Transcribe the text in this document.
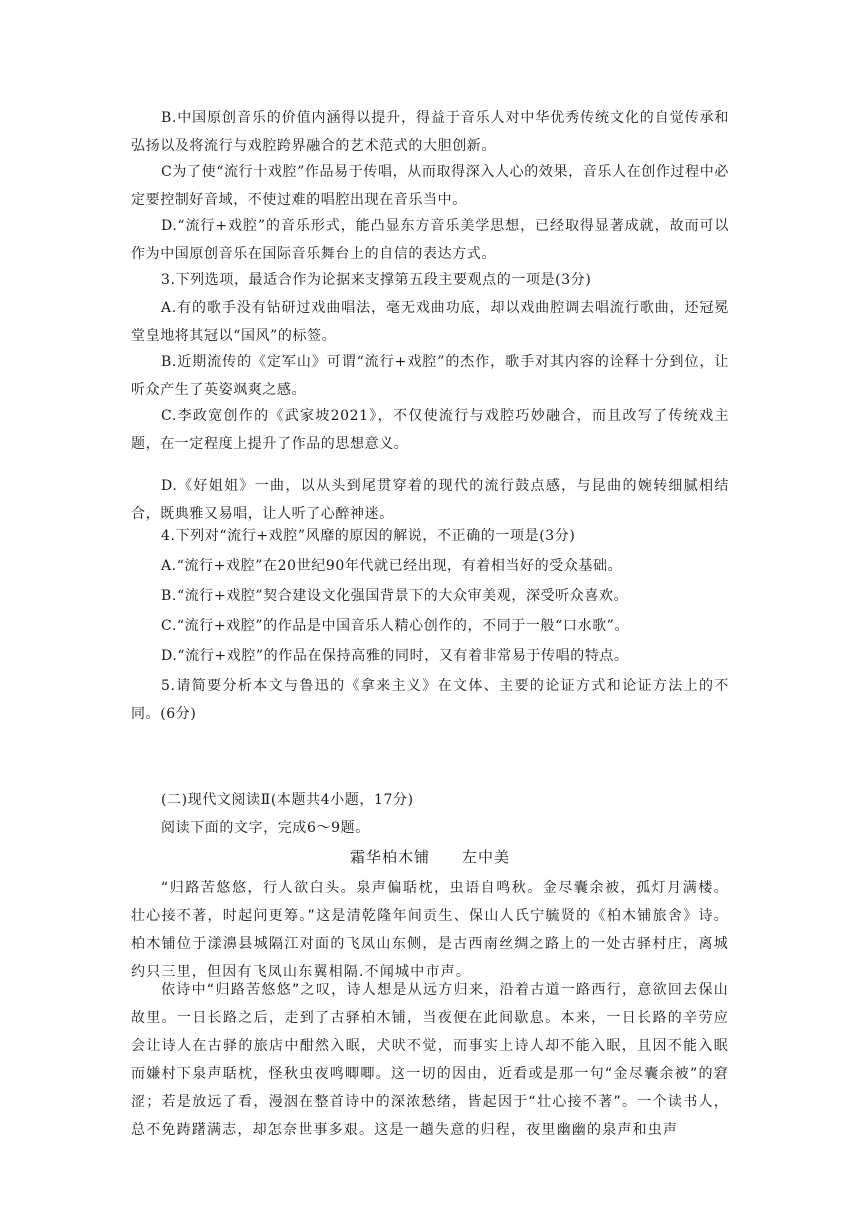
B.中国原创音乐的价值内涵得以提升，得益于音乐人对中华优秀传统文化的自觉传承和弘扬以及将流行与戏腔跨界融合的艺术范式的大胆创新。

C为了使“流行十戏腔”作品易于传唱，从而取得深入人心的效果，音乐人在创作过程中必定要控制好音域，不使过难的唱腔出现在音乐当中。

D.“流行+戏腔”的音乐形式，能凸显东方音乐美学思想，已经取得显著成就，故而可以作为中国原创音乐在国际音乐舞台上的自信的表达方式。

3.下列选项，最适合作为论据来支撑第五段主要观点的一项是(3分)

A.有的歌手没有钻研过戏曲唱法，毫无戏曲功底，却以戏曲腔调去唱流行歌曲，还冠冕堂皇地将其冠以“国风”的标签。

B.近期流传的《定军山》可谓“流行+戏腔”的杰作，歌手对其内容的诠释十分到位，让听众产生了英姿飒爽之感。

C.李政宽创作的《武家坡2021》，不仅使流行与戏腔巧妙融合，而且改写了传统戏主题，在一定程度上提升了作品的思想意义。

D.《好姐姐》一曲，以从头到尾贯穿着的现代的流行鼓点感，与昆曲的婉转细腻相结合，既典雅又易唱，让人听了心醉神迷。

4.下列对“流行+戏腔”风靡的原因的解说，不正确的一项是(3分)

A.“流行+戏腔”在20世纪90年代就已经出现，有着相当好的受众基础。

B.“流行+戏腔”契合建设文化强国背景下的大众审美观，深受听众喜欢。

C.“流行+戏腔”的作品是中国音乐人精心创作的，不同于一般“口水歌”。

D.“流行+戏腔”的作品在保持高雅的同时，又有着非常易于传唱的特点。

5.请简要分析本文与鲁迅的《拿来主义》在文体、主要的论证方式和论证方法上的不同。(6分)

(二)现代文阅读Ⅱ(本题共4小题，17分)

阅读下面的文字，完成6～9题。

霜华柏木铺　　左中美

“归路苦悠悠，行人欲白头。泉声偏聒枕，虫语自鸣秋。金尽囊余被，孤灯月满楼。壮心接不著，时起问更筹。”这是清乾隆年间贡生、保山人氏宁毓贤的《柏木铺旅舍》诗。柏木铺位于漾濞县城隔江对面的飞凤山东侧，是古西南丝绸之路上的一处古驿村庄，离城约只三里，但因有飞凤山东翼相隔.不闻城中市声。

依诗中“归路苦悠悠”之叹，诗人想是从远方归来，沿着古道一路西行，意欲回去保山故里。一日长路之后，走到了古驿柏木铺，当夜便在此间歇息。本来，一日长路的辛劳应会让诗人在古驿的旅店中酣然入眠，犬吠不觉，而事实上诗人却不能入眠，且因不能入眠而嫌村下泉声聒枕，怪秋虫夜鸣唧唧。这一切的因由，近看或是那一句“金尽囊余被”的窘涩；若是放远了看，漫洇在整首诗中的深浓愁绪，皆起因于“壮心接不著”。一个读书人，总不免踌躇满志，却怎奈世事多艰。这是一趟失意的归程，夜里幽幽的泉声和虫声
